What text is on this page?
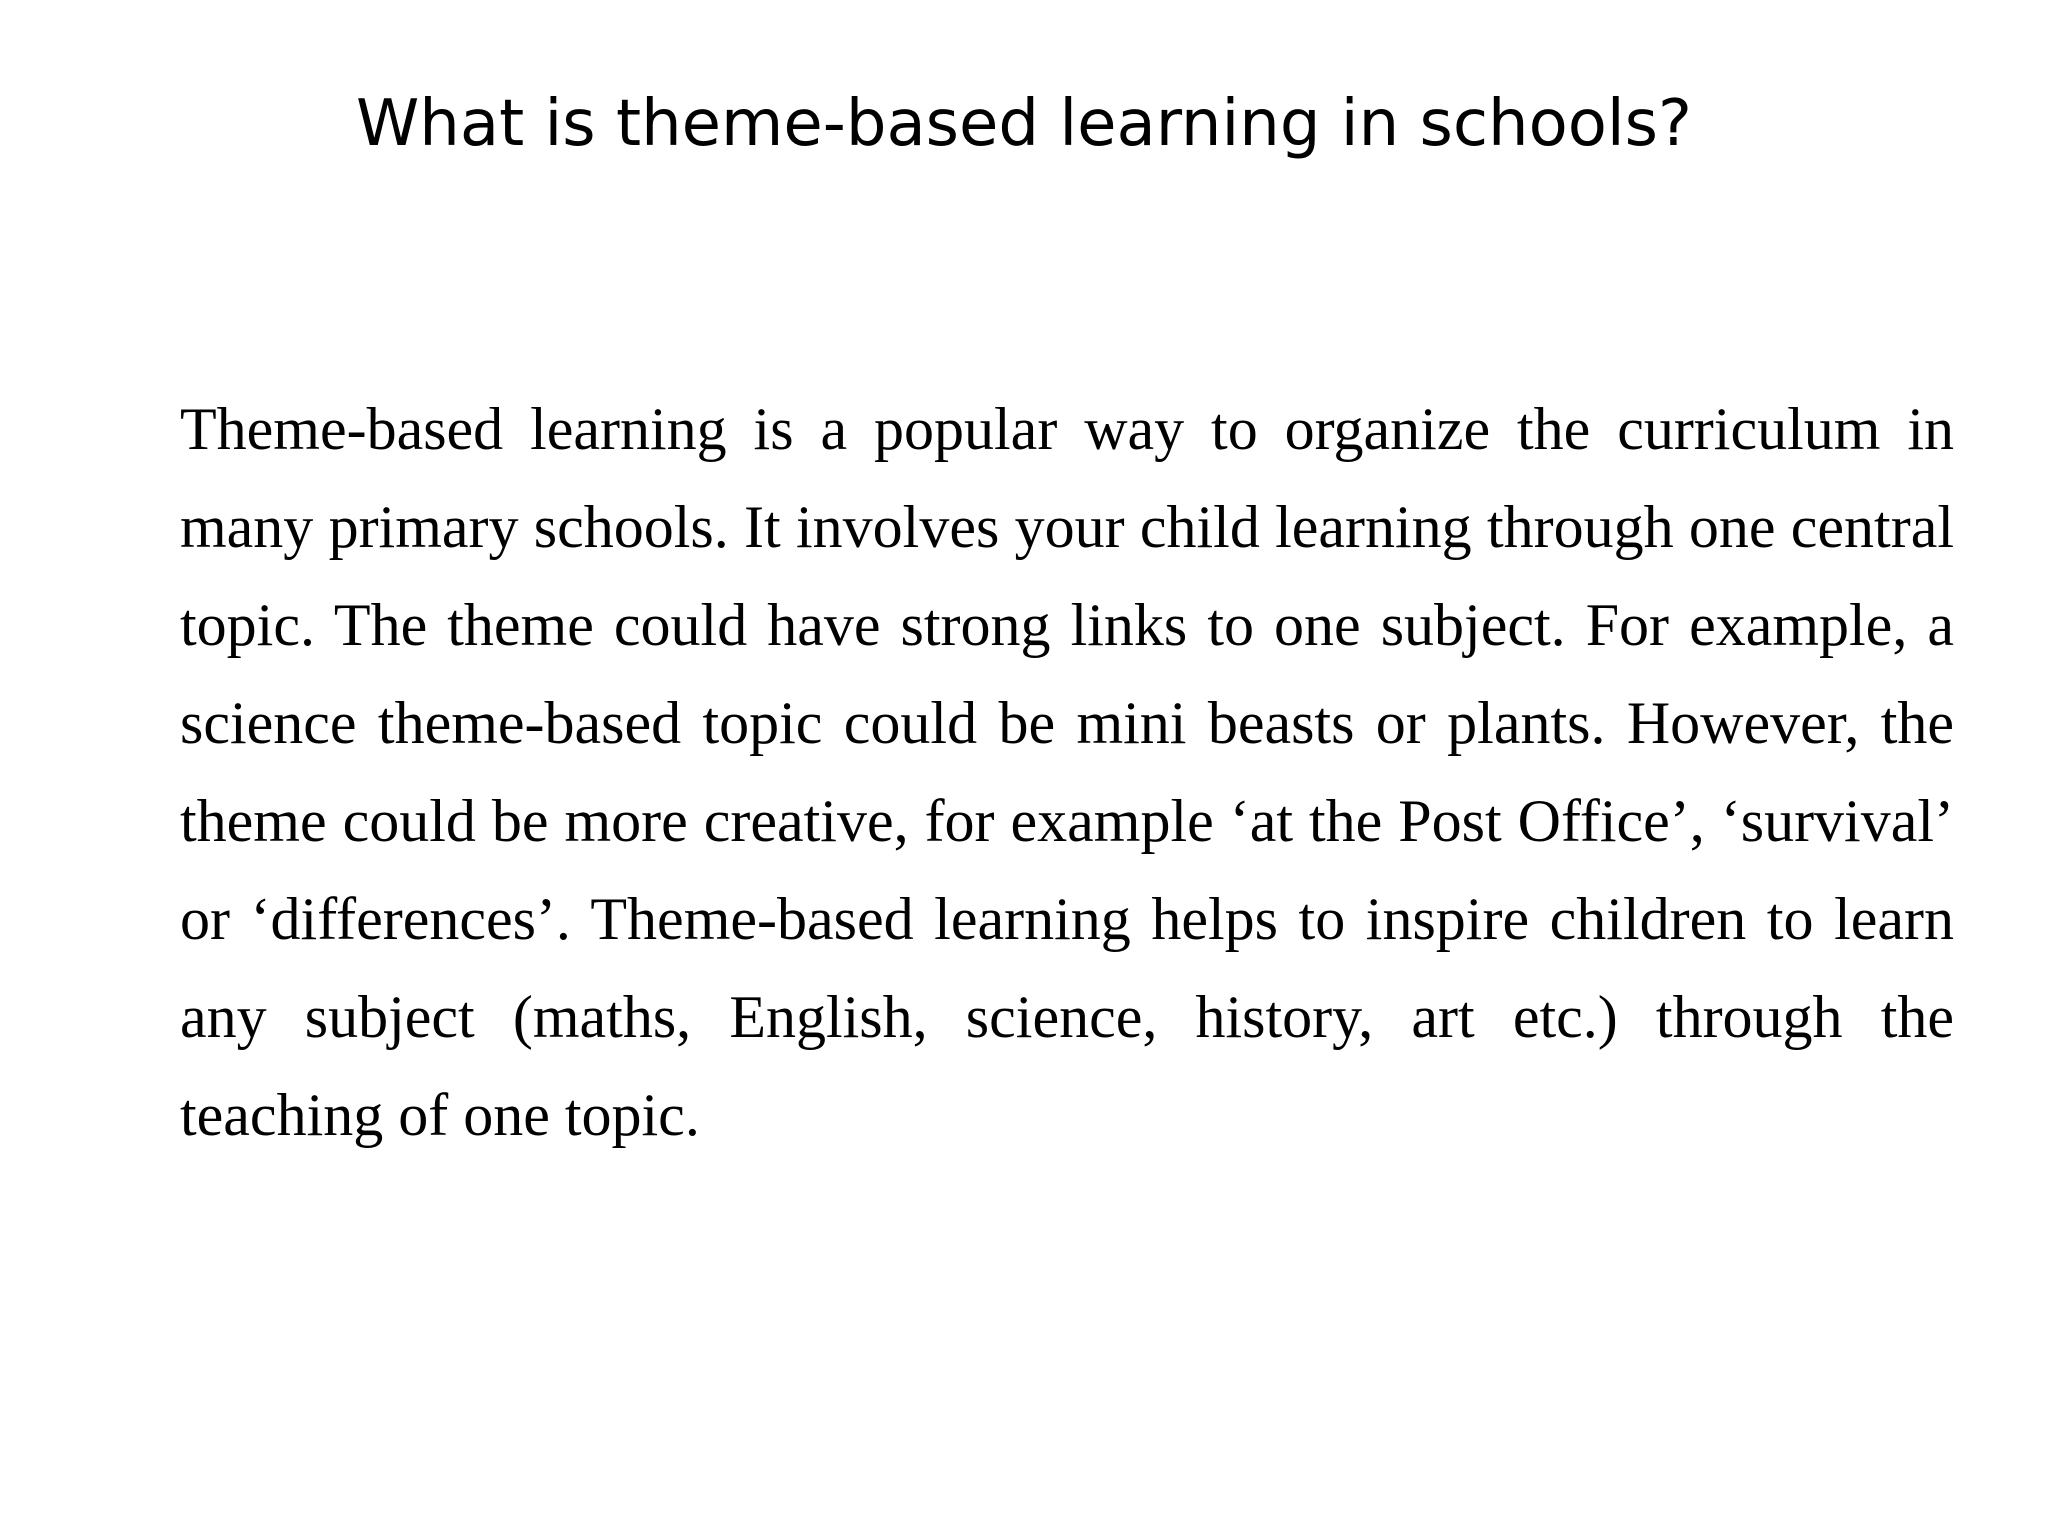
What is theme-based learning in schools?

Theme-based learning is a popular way to organize the curriculum in many primary schools. It involves your child learning through one central topic. The theme could have strong links to one subject. For example, a science theme-based topic could be mini beasts or plants. However, the theme could be more creative, for example ‘at the Post Office’, ‘survival’ or ‘differences’. Theme-based learning helps to inspire children to learn any subject (maths, English, science, history, art etc.) through the teaching of one topic.
